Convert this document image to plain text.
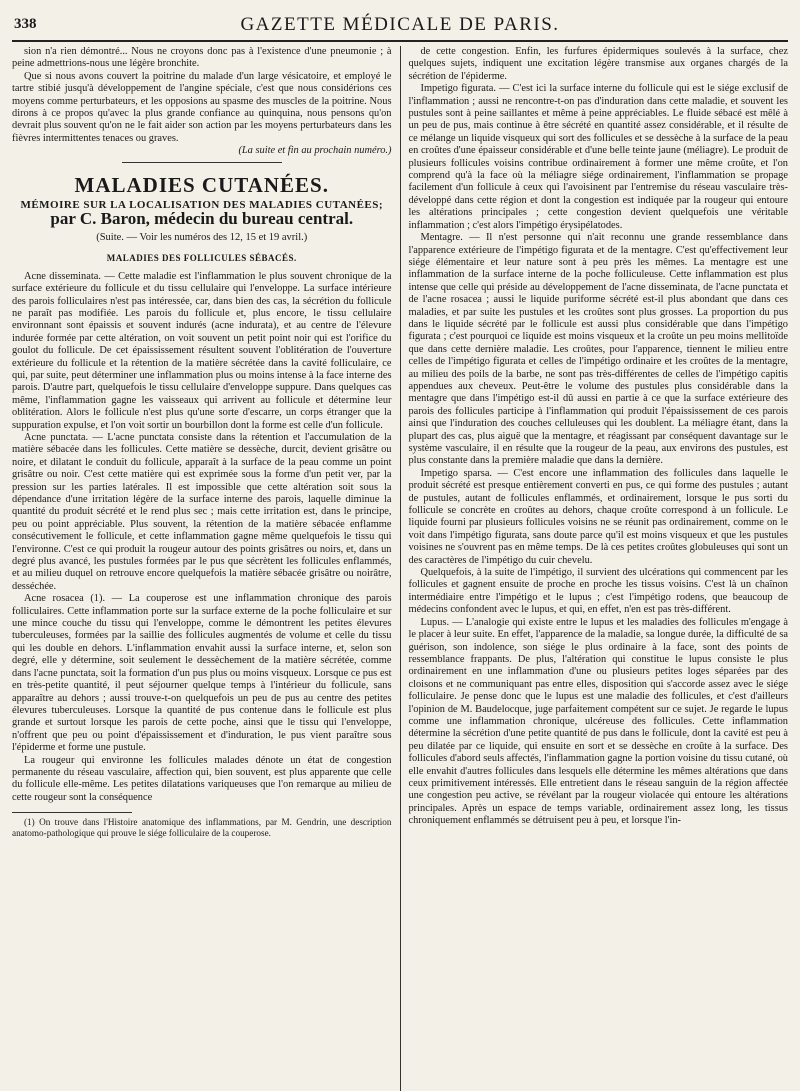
338	GAZETTE MÉDICALE DE PARIS.

sion n'a rien démontré... Nous ne croyons donc pas à l'existence d'une pneumonie ; à peine admettrions-nous une légère bronchite.

Que si nous avons couvert la poitrine du malade d'un large vésicatoire, et employé le tartre stibié jusqu'à développement de l'angine spéciale, c'est que nous considérions ces moyens comme perturbateurs, et les opposions au spasme des muscles de la poitrine. Nous dirons à ce propos qu'avec la plus grande confiance au quinquina, nous pensons qu'on devrait plus souvent qu'on ne le fait aider son action par les moyens perturbateurs dans les fièvres intermittentes tenaces ou graves.

(La suite et fin au prochain numéro.)
MALADIES CUTANÉES.
MÉMOIRE SUR LA LOCALISATION DES MALADIES CUTANÉES;
par C. Baron, médecin du bureau central.
(Suite. — Voir les numéros des 12, 15 et 19 avril.)
MALADIES DES FOLLICULES SÉBACÉS.

Acne disseminata. — Cette maladie est l'inflammation le plus souvent chronique de la surface extérieure du follicule et du tissu cellulaire qui l'enveloppe. La surface intérieure des parois folliculaires n'est pas intéressée, car, dans bien des cas, la sécrétion du follicule ne paraît pas modifiée. Les parois du follicule et, plus encore, le tissu cellulaire environnant sont épaissis et souvent indurés (acne indurata), et au centre de l'élevure indurée formée par cette altération, on voit souvent un petit point noir qui est l'orifice du goulot du follicule. De cet épaississement résultent souvent l'oblitération de l'ouverture extérieure du follicule et la rétention de la matière sécrétée dans la cavité folliculaire, ce qui, par suite, peut déterminer une inflammation plus ou moins intense à la face interne des parois. D'autre part, quelquefois le tissu cellulaire d'enveloppe suppure. Dans quelques cas même, l'inflammation gagne les vaisseaux qui arrivent au follicule et détermine leur oblitération. Alors le follicule n'est plus qu'une sorte d'escarre, un corps étranger que la suppuration expulse, et l'on voit sortir un bourbillon dont la forme est celle d'un follicule.

Acne punctata. — L'acne punctata consiste dans la rétention et l'accumulation de la matière sébacée dans les follicules. Cette matière se dessèche, durcit, devient grisâtre ou noire, et dilatant le conduit du follicule, apparaît à la surface de la peau comme un point grisâtre ou noir. C'est cette matière qui est exprimée sous la forme d'un petit ver, par la pression sur les parties latérales. Il est impossible que cette altération soit sous la dépendance d'une irritation légère de la surface interne des parois, laquelle diminue la quantité du produit sécrété et le rend plus sec ; mais cette irritation est, dans le principe, peu ou point appréciable. Plus souvent, la rétention de la matière sébacée enflamme consécutivement le follicule, et cette inflammation gagne même quelquefois le tissu qui l'environne. C'est ce qui produit la rougeur autour des points grisâtres ou noirs, et, dans un degré plus avancé, les pustules formées par le pus que sécrètent les follicules enflammés, et au milieu duquel on retrouve encore quelquefois la matière sébacée grisâtre ou noirâtre, desséchée.

Acne rosacea (1). — La couperose est une inflammation chronique des parois folliculaires. Cette inflammation porte sur la surface externe de la poche folliculaire et sur une mince couche du tissu qui l'enveloppe, comme le démontrent les petites élevures tuberculeuses, formées par la saillie des follicules augmentés de volume et celle du tissu qui les double en dehors. L'inflammation envahit aussi la surface interne, et, selon son degré, elle y détermine, soit seulement le dessèchement de la matière sécrétée, comme dans l'acne punctata, soit la formation d'un pus plus ou moins visqueux. Lorsque ce pus est en très-petite quantité, il peut séjourner quelque temps à l'intérieur du follicule, sans apparaître au dehors ; aussi trouve-t-on quelquefois un peu de pus au centre des petites élevures tuberculeuses. Lorsque la quantité de pus contenue dans le follicule est plus grande et surtout lorsque les parois de cette poche, ainsi que le tissu qui l'enveloppe, n'offrent que peu ou point d'épaississement et d'induration, le pus vient paraître sous l'épiderme et forme une pustule.

La rougeur qui environne les follicules malades dénote un état de congestion permanente du réseau vasculaire, affection qui, bien souvent, est plus apparente que celle du follicule elle-même. Les petites dilatations variqueuses que l'on remarque au milieu de cette rougeur sont la conséquence

(1) On trouve dans l'Histoire anatomique des inflammations, par M. Gendrin, une description anatomo-pathologique qui prouve le siége folliculaire de la couperose.

de cette congestion. Enfin, les furfures épidermiques soulevés à la surface, chez quelques sujets, indiquent une excitation légère transmise aux organes chargés de la sécrétion de l'épiderme.

Impetigo figurata. — C'est ici la surface interne du follicule qui est le siége exclusif de l'inflammation ; aussi ne rencontre-t-on pas d'induration dans cette maladie, et souvent les pustules sont à peine saillantes et même à peine appréciables. Le fluide sébacé est mêlé à un peu de pus, mais continue à être sécrété en quantité assez considérable, et il résulte de ce mélange un liquide visqueux qui sort des follicules et se dessèche à la surface de la peau en croûtes d'une épaisseur considérable et d'une belle teinte jaune (méliagre). Le produit de plusieurs follicules voisins contribue ordinairement à former une même croûte, et l'on comprend qu'à la face où la méliagre siége ordinairement, l'inflammation se propage facilement d'un follicule à ceux qui l'avoisinent par l'entremise du réseau vasculaire très-développé dans cette région et dont la congestion est indiquée par la rougeur qui entoure les altérations principales ; cette congestion devient quelquefois une véritable inflammation ; c'est alors l'impétigo érysipélatodes.

Mentagre. — Il n'est personne qui n'ait reconnu une grande ressemblance dans l'apparence extérieure de l'impétigo figurata et de la mentagre. C'est qu'effectivement leur siége élémentaire et leur nature sont à peu près les mêmes. La mentagre est une inflammation de la surface interne de la poche folliculeuse. Cette inflammation est plus intense que celle qui préside au développement de l'acne disseminata, de l'acne punctata et de l'acne rosacea ; aussi le liquide puriforme sécrété est-il plus abondant que dans ces maladies, et par suite les pustules et les croûtes sont plus grosses. La proportion du pus dans le liquide sécrété par le follicule est aussi plus considérable que dans l'impétigo figurata ; c'est pourquoi ce liquide est moins visqueux et la croûte un peu moins mellitoïde que dans cette dernière maladie. Les croûtes, pour l'apparence, tiennent le milieu entre celles de l'impétigo figurata et celles de l'impétigo ordinaire et les croûtes de la mentagre, au milieu des poils de la barbe, ne sont pas très-différentes de celles de l'impétigo capitis appendues aux cheveux. Peut-être le volume des pustules plus considérable dans la mentagre que dans l'impétigo est-il dû aussi en partie à ce que la surface extérieure des parois des follicules participe à l'inflammation qui produit l'épaississement de ces parois ainsi que l'induration des couches celluleuses qui les doublent. La méliagre étant, dans la plupart des cas, plus aiguë que la mentagre, et réagissant par conséquent davantage sur le système vasculaire, il en résulte que la rougeur de la peau, aux environs des pustules, est plus constante dans la première maladie que dans la dernière.

Impetigo sparsa. — C'est encore une inflammation des follicules dans laquelle le produit sécrété est presque entièrement converti en pus, ce qui forme des pustules ; autant de pustules, autant de follicules enflammés, et ordinairement, lorsque le pus sorti du follicule se concrète en croûtes au dehors, chaque croûte correspond à un follicule. Le liquide fourni par plusieurs follicules voisins ne se réunit pas ordinairement, comme on le voit dans l'impétigo figurata, sans doute parce qu'il est moins visqueux et que les pustules voisines ne s'ouvrent pas en même temps. De là ces petites croûtes globuleuses qui sont un des caractères de l'impétigo du cuir chevelu.

Quelquefois, à la suite de l'impétigo, il survient des ulcérations qui commencent par les follicules et gagnent ensuite de proche en proche les tissus voisins. C'est là un chaînon intermédiaire entre l'impétigo et le lupus ; c'est l'impétigo rodens, que beaucoup de médecins confondent avec le lupus, et qui, en effet, n'en est pas très-différent.

Lupus. — L'analogie qui existe entre le lupus et les maladies des follicules m'engage à le placer à leur suite. En effet, l'apparence de la maladie, sa longue durée, la difficulté de sa guérison, son indolence, son siége le plus ordinaire à la face, sont des points de ressemblance frappants. De plus, l'altération qui constitue le lupus consiste le plus ordinairement en une inflammation d'une ou plusieurs petites loges séparées par des cloisons et ne communiquant pas entre elles, disposition qui s'accorde assez avec le siége folliculaire. Je pense donc que le lupus est une maladie des follicules, et c'est d'ailleurs l'opinion de M. Baudelocque, juge parfaitement compétent sur ce sujet. Je regarde le lupus comme une inflammation chronique, ulcéreuse des follicules. Cette inflammation détermine la sécrétion d'une petite quantité de pus dans le follicule, dont la cavité est peu à peu dilatée par ce liquide, qui ensuite en sort et se dessèche en croûte à la surface. Des follicules d'abord seuls affectés, l'inflammation gagne la portion voisine du tissu cutané, où elle envahit d'autres follicules dans lesquels elle détermine les mêmes altérations que dans ceux primitivement intéressés. Elle entretient dans le réseau sanguin de la région affectée une congestion peu active, se révélant par la rougeur violacée qui entoure les altérations principales. Après un espace de temps variable, ordinairement assez long, les tissus chroniquement enflammés se détruisent peu à peu, et lorsque l'in-
